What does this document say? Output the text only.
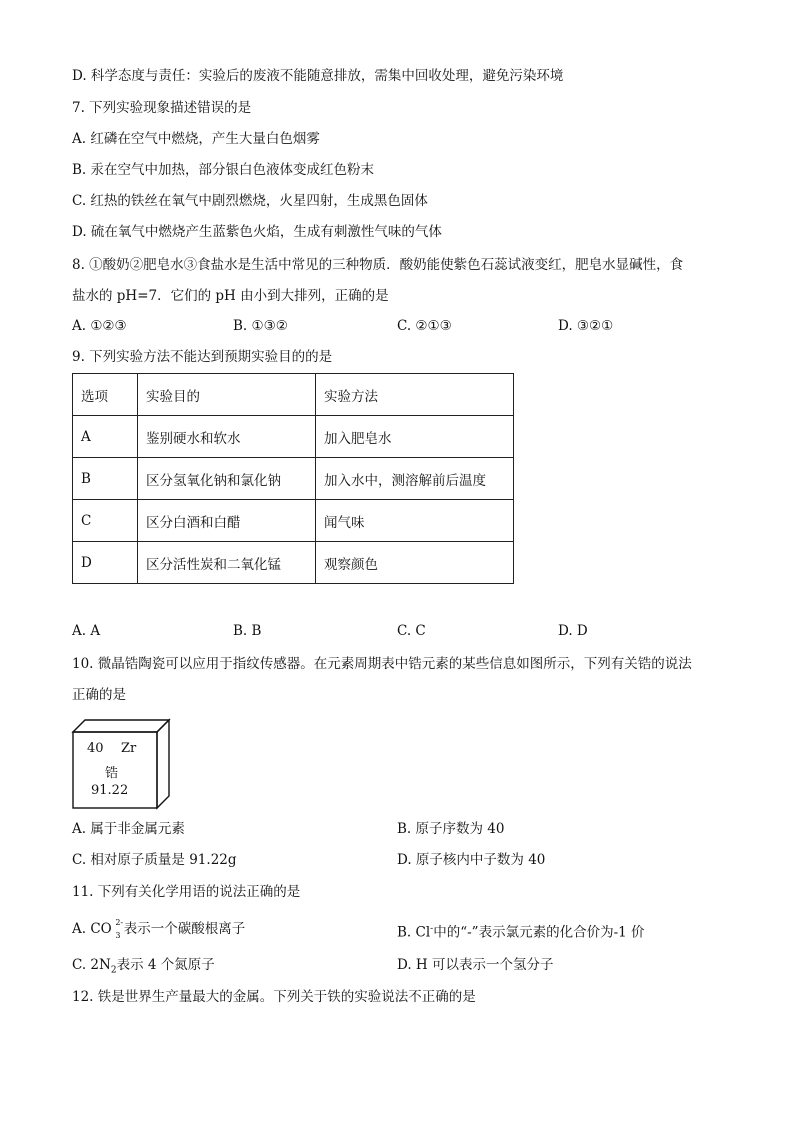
D. 科学态度与责任：实验后的废液不能随意排放，需集中回收处理，避免污染环境
7. 下列实验现象描述错误的是
A. 红磷在空气中燃烧，产生大量白色烟雾
B. 汞在空气中加热，部分银白色液体变成红色粉末
C. 红热的铁丝在氧气中剧烈燃烧，火星四射，生成黑色固体
D. 硫在氧气中燃烧产生蓝紫色火焰，生成有刺激性气味的气体
8. ①酸奶②肥皂水③食盐水是生活中常见的三种物质．酸奶能使紫色石蕊试液变红，肥皂水显碱性，食
盐水的 pH=7．它们的 pH 由小到大排列，正确的是
A. ①②③	B. ①③②	C. ②①③	D. ③②①
9. 下列实验方法不能达到预期实验目的的是
选项	实验目的	实验方法
A	鉴别硬水和软水	加入肥皂水
B	区分氢氧化钠和氯化钠	加入水中，测溶解前后温度
C	区分白酒和白醋	闻气味
D	区分活性炭和二氧化锰	观察颜色
A. A	B. B	C. C	D. D
10. 微晶锆陶瓷可以应用于指纹传感器。在元素周期表中锆元素的某些信息如图所示，下列有关锆的说法
正确的是
40 Zr
锆
91.22
A. 属于非金属元素	B. 原子序数为 40
C. 相对原子质量是 91.22g	D. 原子核内中子数为 40
11. 下列有关化学用语的说法正确的是
A. CO 2-
3 表示一个碳酸根离子	B. Cl-中的“-”表示氯元素的化合价为-1 价
C. $2N_2$表示 4 个氮原子	D. H 可以表示一个氢分子
12. 铁是世界生产量最大的金属。下列关于铁的实验说法不正确的是
